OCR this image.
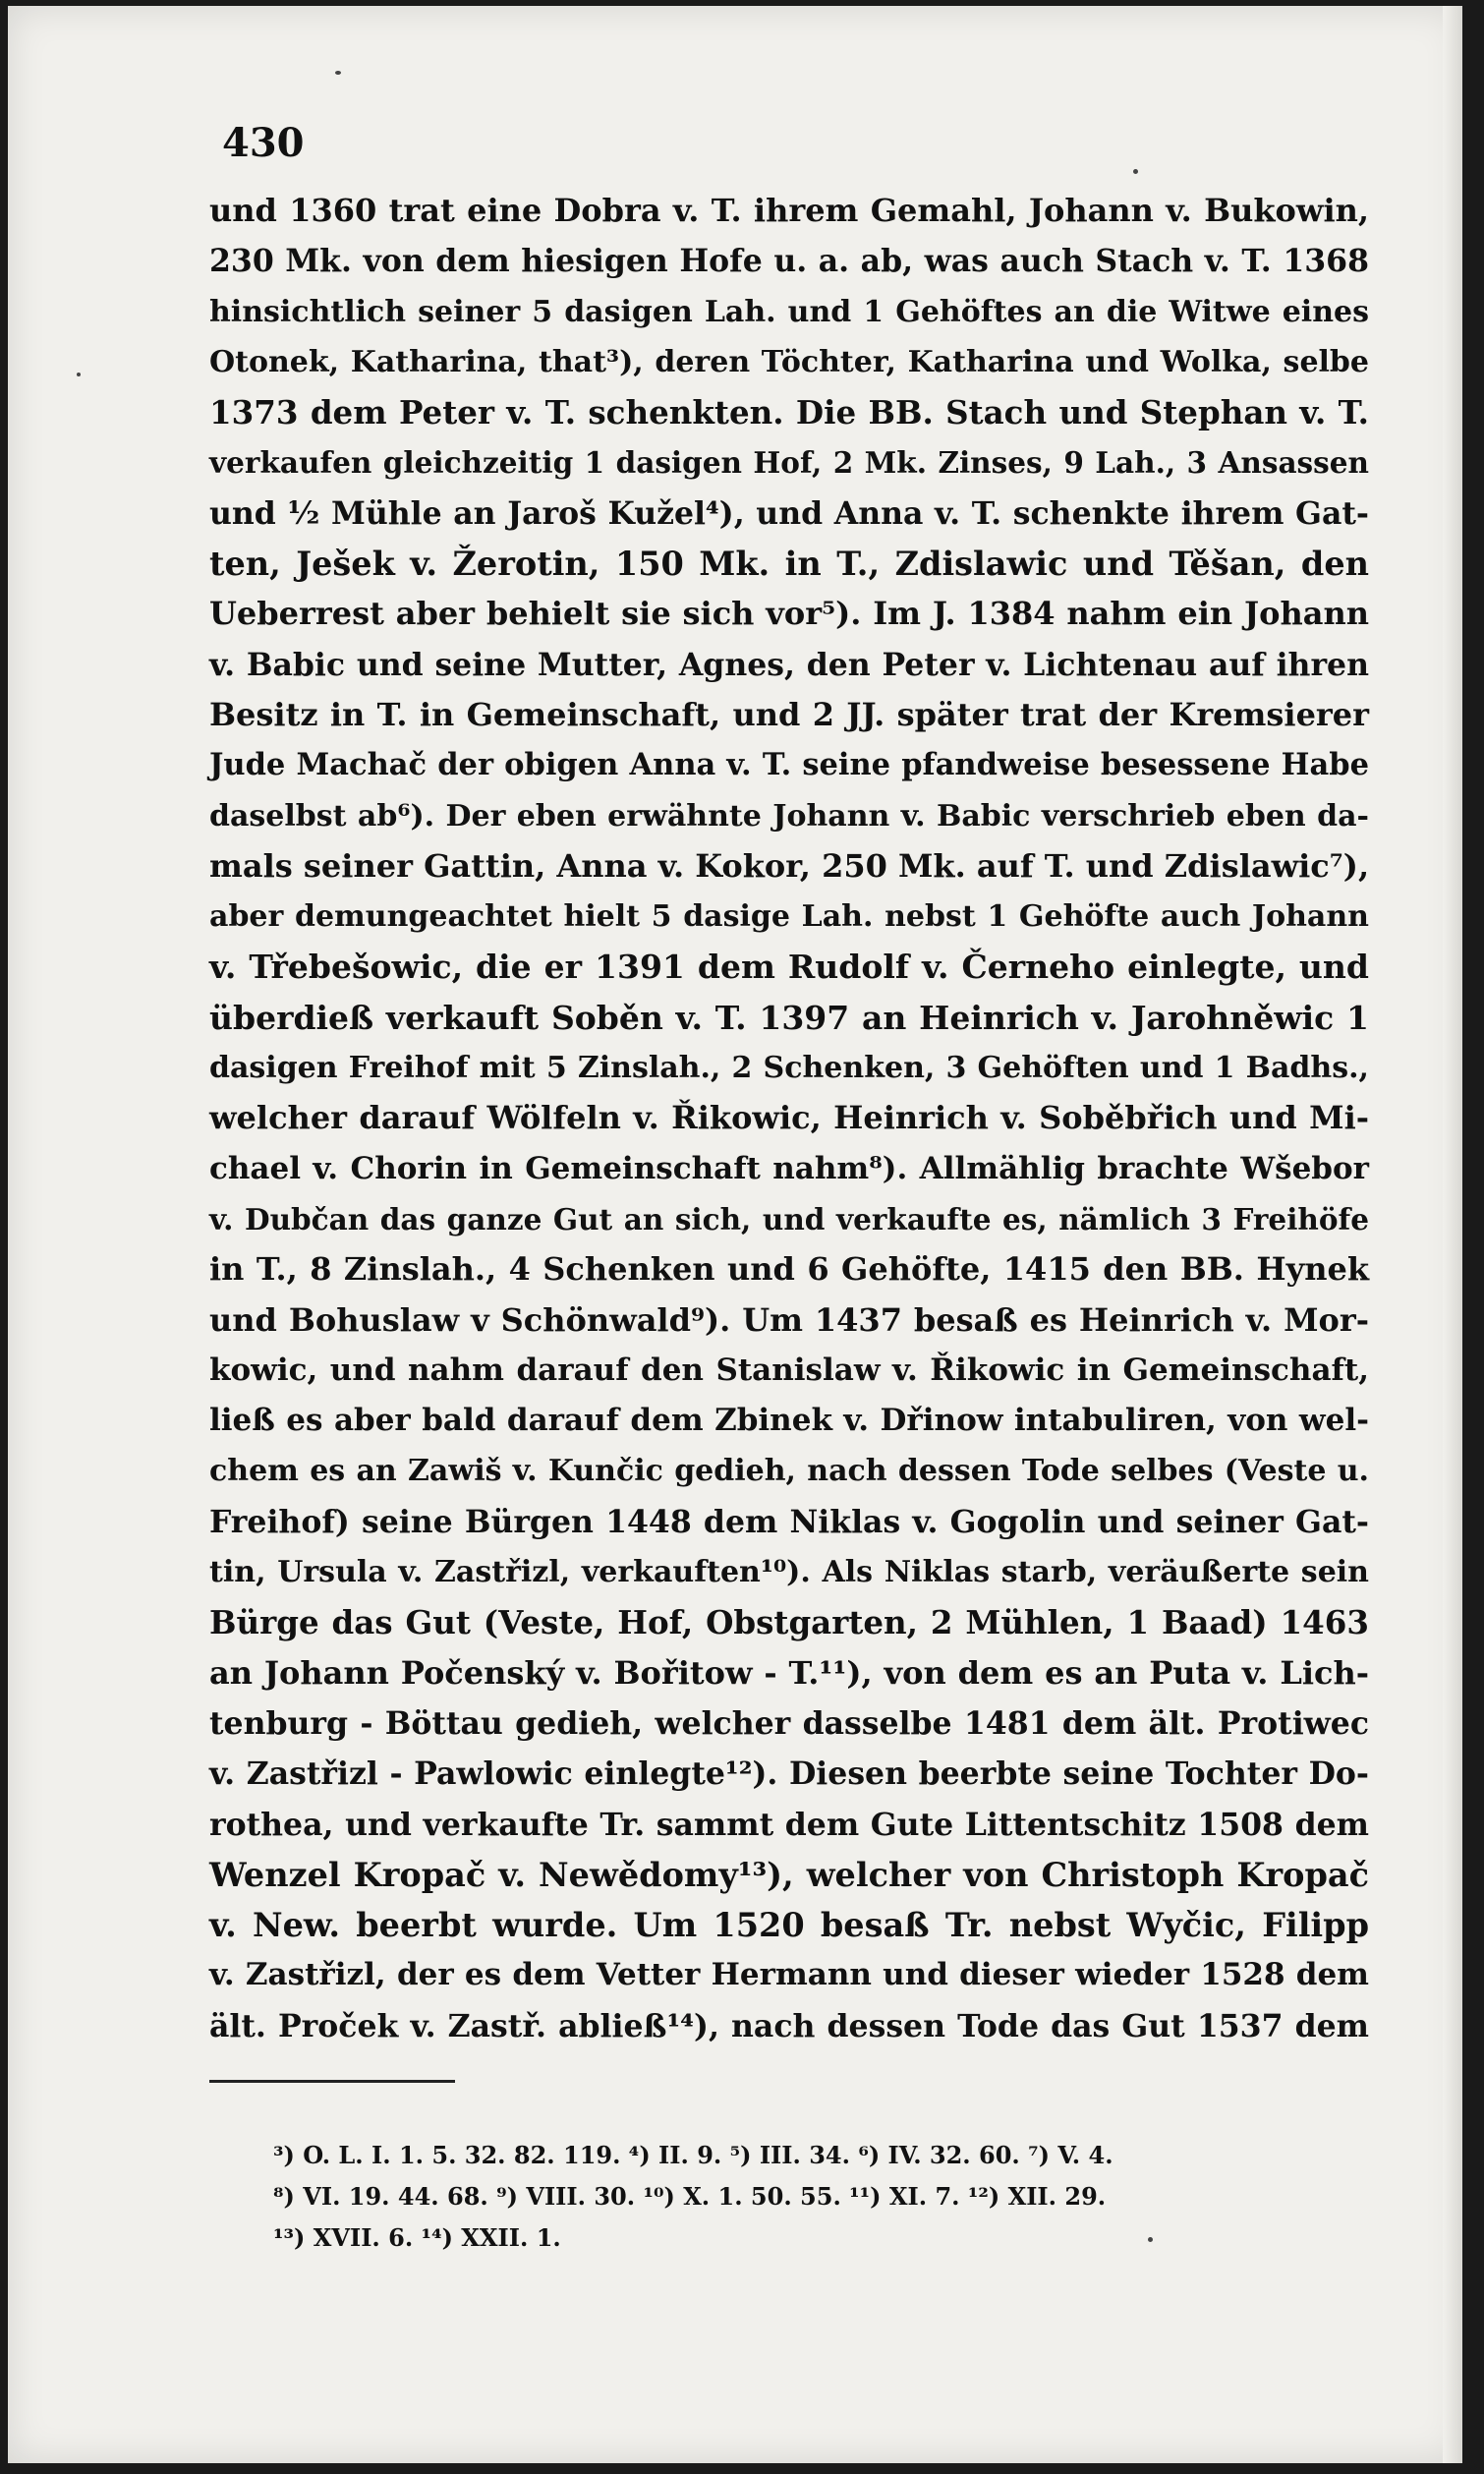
430
und 1360 trat eine Dobra v. T. ihrem Gemahl, Johann v. Bukowin,
230 Mk. von dem hiesigen Hofe u. a. ab, was auch Stach v. T. 1368
hinsichtlich seiner 5 dasigen Lah. und 1 Gehöftes an die Witwe eines
Otonek, Katharina, that³), deren Töchter, Katharina und Wolka, selbe
1373 dem Peter v. T. schenkten. Die BB. Stach und Stephan v. T.
verkaufen gleichzeitig 1 dasigen Hof, 2 Mk. Zinses, 9 Lah., 3 Ansassen
und ½ Mühle an Jaroš Kužel⁴), und Anna v. T. schenkte ihrem Gat-
ten, Ješek v. Žerotin, 150 Mk. in T., Zdislawic und Těšan, den
Ueberrest aber behielt sie sich vor⁵). Im J. 1384 nahm ein Johann
v. Babic und seine Mutter, Agnes, den Peter v. Lichtenau auf ihren
Besitz in T. in Gemeinschaft, und 2 JJ. später trat der Kremsierer
Jude Machač der obigen Anna v. T. seine pfandweise besessene Habe
daselbst ab⁶). Der eben erwähnte Johann v. Babic verschrieb eben da-
mals seiner Gattin, Anna v. Kokor, 250 Mk. auf T. und Zdislawic⁷),
aber demungeachtet hielt 5 dasige Lah. nebst 1 Gehöfte auch Johann
v. Třebešowic, die er 1391 dem Rudolf v. Černeho einlegte, und
überdieß verkauft Soběn v. T. 1397 an Heinrich v. Jarohněwic 1
dasigen Freihof mit 5 Zinslah., 2 Schenken, 3 Gehöften und 1 Badhs.,
welcher darauf Wölfeln v. Řikowic, Heinrich v. Soběbřich und Mi-
chael v. Chorin in Gemeinschaft nahm⁸). Allmählig brachte Wšebor
v. Dubčan das ganze Gut an sich, und verkaufte es, nämlich 3 Freihöfe
in T., 8 Zinslah., 4 Schenken und 6 Gehöfte, 1415 den BB. Hynek
und Bohuslaw v Schönwald⁹). Um 1437 besaß es Heinrich v. Mor-
kowic, und nahm darauf den Stanislaw v. Řikowic in Gemeinschaft,
ließ es aber bald darauf dem Zbinek v. Dřinow intabuliren, von wel-
chem es an Zawiš v. Kunčic gedieh, nach dessen Tode selbes (Veste u.
Freihof) seine Bürgen 1448 dem Niklas v. Gogolin und seiner Gat-
tin, Ursula v. Zastřizl, verkauften¹⁰). Als Niklas starb, veräußerte sein
Bürge das Gut (Veste, Hof, Obstgarten, 2 Mühlen, 1 Baad) 1463
an Johann Počenský v. Bořitow - T.¹¹), von dem es an Puta v. Lich-
tenburg - Böttau gedieh, welcher dasselbe 1481 dem ält. Protiwec
v. Zastřizl - Pawlowic einlegte¹²). Diesen beerbte seine Tochter Do-
rothea, und verkaufte Tr. sammt dem Gute Littentschitz 1508 dem
Wenzel Kropač v. Newědomy¹³), welcher von Christoph Kropač
v. New. beerbt wurde. Um 1520 besaß Tr. nebst Wyčic, Filipp
v. Zastřizl, der es dem Vetter Hermann und dieser wieder 1528 dem
ält. Proček v. Zastř. abließ¹⁴), nach dessen Tode das Gut 1537 dem
³) O. L. I. 1. 5. 32. 82. 119. ⁴) II. 9. ⁵) III. 34. ⁶) IV. 32. 60. ⁷) V. 4.
⁸) VI. 19. 44. 68. ⁹) VIII. 30. ¹⁰) X. 1. 50. 55. ¹¹) XI. 7. ¹²) XII. 29.
¹³) XVII. 6. ¹⁴) XXII. 1.
